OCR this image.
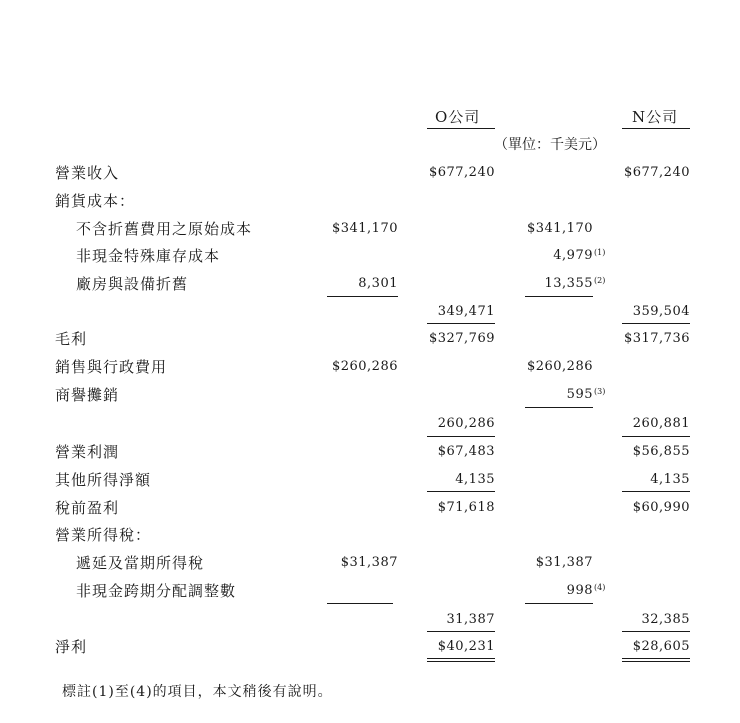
O公司	N公司
（單位：千美元）
營業收入
銷貨成本：
不含折舊費用之原始成本
非現金特殊庫存成本
廠房與設備折舊
毛利
銷售與行政費用
商譽攤銷
營業利潤
其他所得淨額
稅前盈利
營業所得稅：
遞延及當期所得稅
非現金跨期分配調整數
淨利
$341,170
8,301
$260,286
$31,387
$677,240
349,471
$327,769
260,286
$67,483
4,135
$71,618
31,387
$40,231
$341,170
4,979 (1)
13,355 (2)
$260,286
595 (3)
$31,387
998 (4)
$677,240
359,504
$317,736
260,881
$56,855
4,135
$60,990
32,385
$28,605
標註(1)至(4)的項目，本文稍後有說明。
